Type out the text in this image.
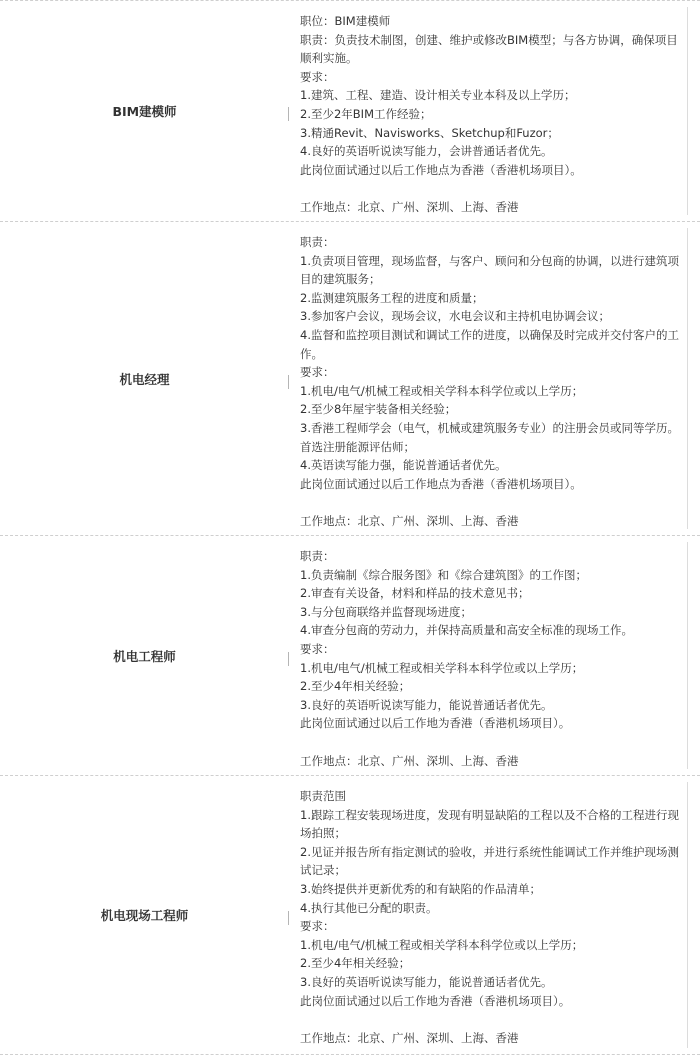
BIM建模师
职位：BIM建模师
职责：负责技术制图，创建、维护或修改BIM模型；与各方协调，确保项目顺利实施。
要求：
1.建筑、工程、建造、设计相关专业本科及以上学历；
2.至少2年BIM工作经验；
3.精通Revit、Navisworks、Sketchup和Fuzor；
4.良好的英语听说读写能力，会讲普通话者优先。
此岗位面试通过以后工作地点为香港（香港机场项目）。
工作地点：北京、广州、深圳、上海、香港
机电经理
职责：
1.负责项目管理，现场监督，与客户、顾问和分包商的协调，以进行建筑项目的建筑服务；
2.监测建筑服务工程的进度和质量；
3.参加客户会议，现场会议，水电会议和主持机电协调会议；
4.监督和监控项目测试和调试工作的进度，以确保及时完成并交付客户的工作。
要求：
1.机电/电气/机械工程或相关学科本科学位或以上学历；
2.至少8年屋宇装备相关经验；
3.香港工程师学会（电气，机械或建筑服务专业）的注册会员或同等学历。首选注册能源评估师；
4.英语读写能力强，能说普通话者优先。
此岗位面试通过以后工作地点为香港（香港机场项目）。
工作地点：北京、广州、深圳、上海、香港
机电工程师
职责：
1.负责编制《综合服务图》和《综合建筑图》的工作图；
2.审查有关设备，材料和样品的技术意见书；
3.与分包商联络并监督现场进度；
4.审查分包商的劳动力，并保持高质量和高安全标准的现场工作。
要求：
1.机电/电气/机械工程或相关学科本科学位或以上学历；
2.至少4年相关经验；
3.良好的英语听说读写能力，能说普通话者优先。
此岗位面试通过以后工作地为香港（香港机场项目）。
工作地点：北京、广州、深圳、上海、香港
机电现场工程师
职责范围
1.跟踪工程安装现场进度，发现有明显缺陷的工程以及不合格的工程进行现场拍照；
2.见证并报告所有指定测试的验收，并进行系统性能调试工作并维护现场测试记录；
3.始终提供并更新优秀的和有缺陷的作品清单；
4.执行其他已分配的职责。
要求：
1.机电/电气/机械工程或相关学科本科学位或以上学历；
2.至少4年相关经验；
3.良好的英语听说读写能力，能说普通话者优先。
此岗位面试通过以后工作地为香港（香港机场项目）。
工作地点：北京、广州、深圳、上海、香港
